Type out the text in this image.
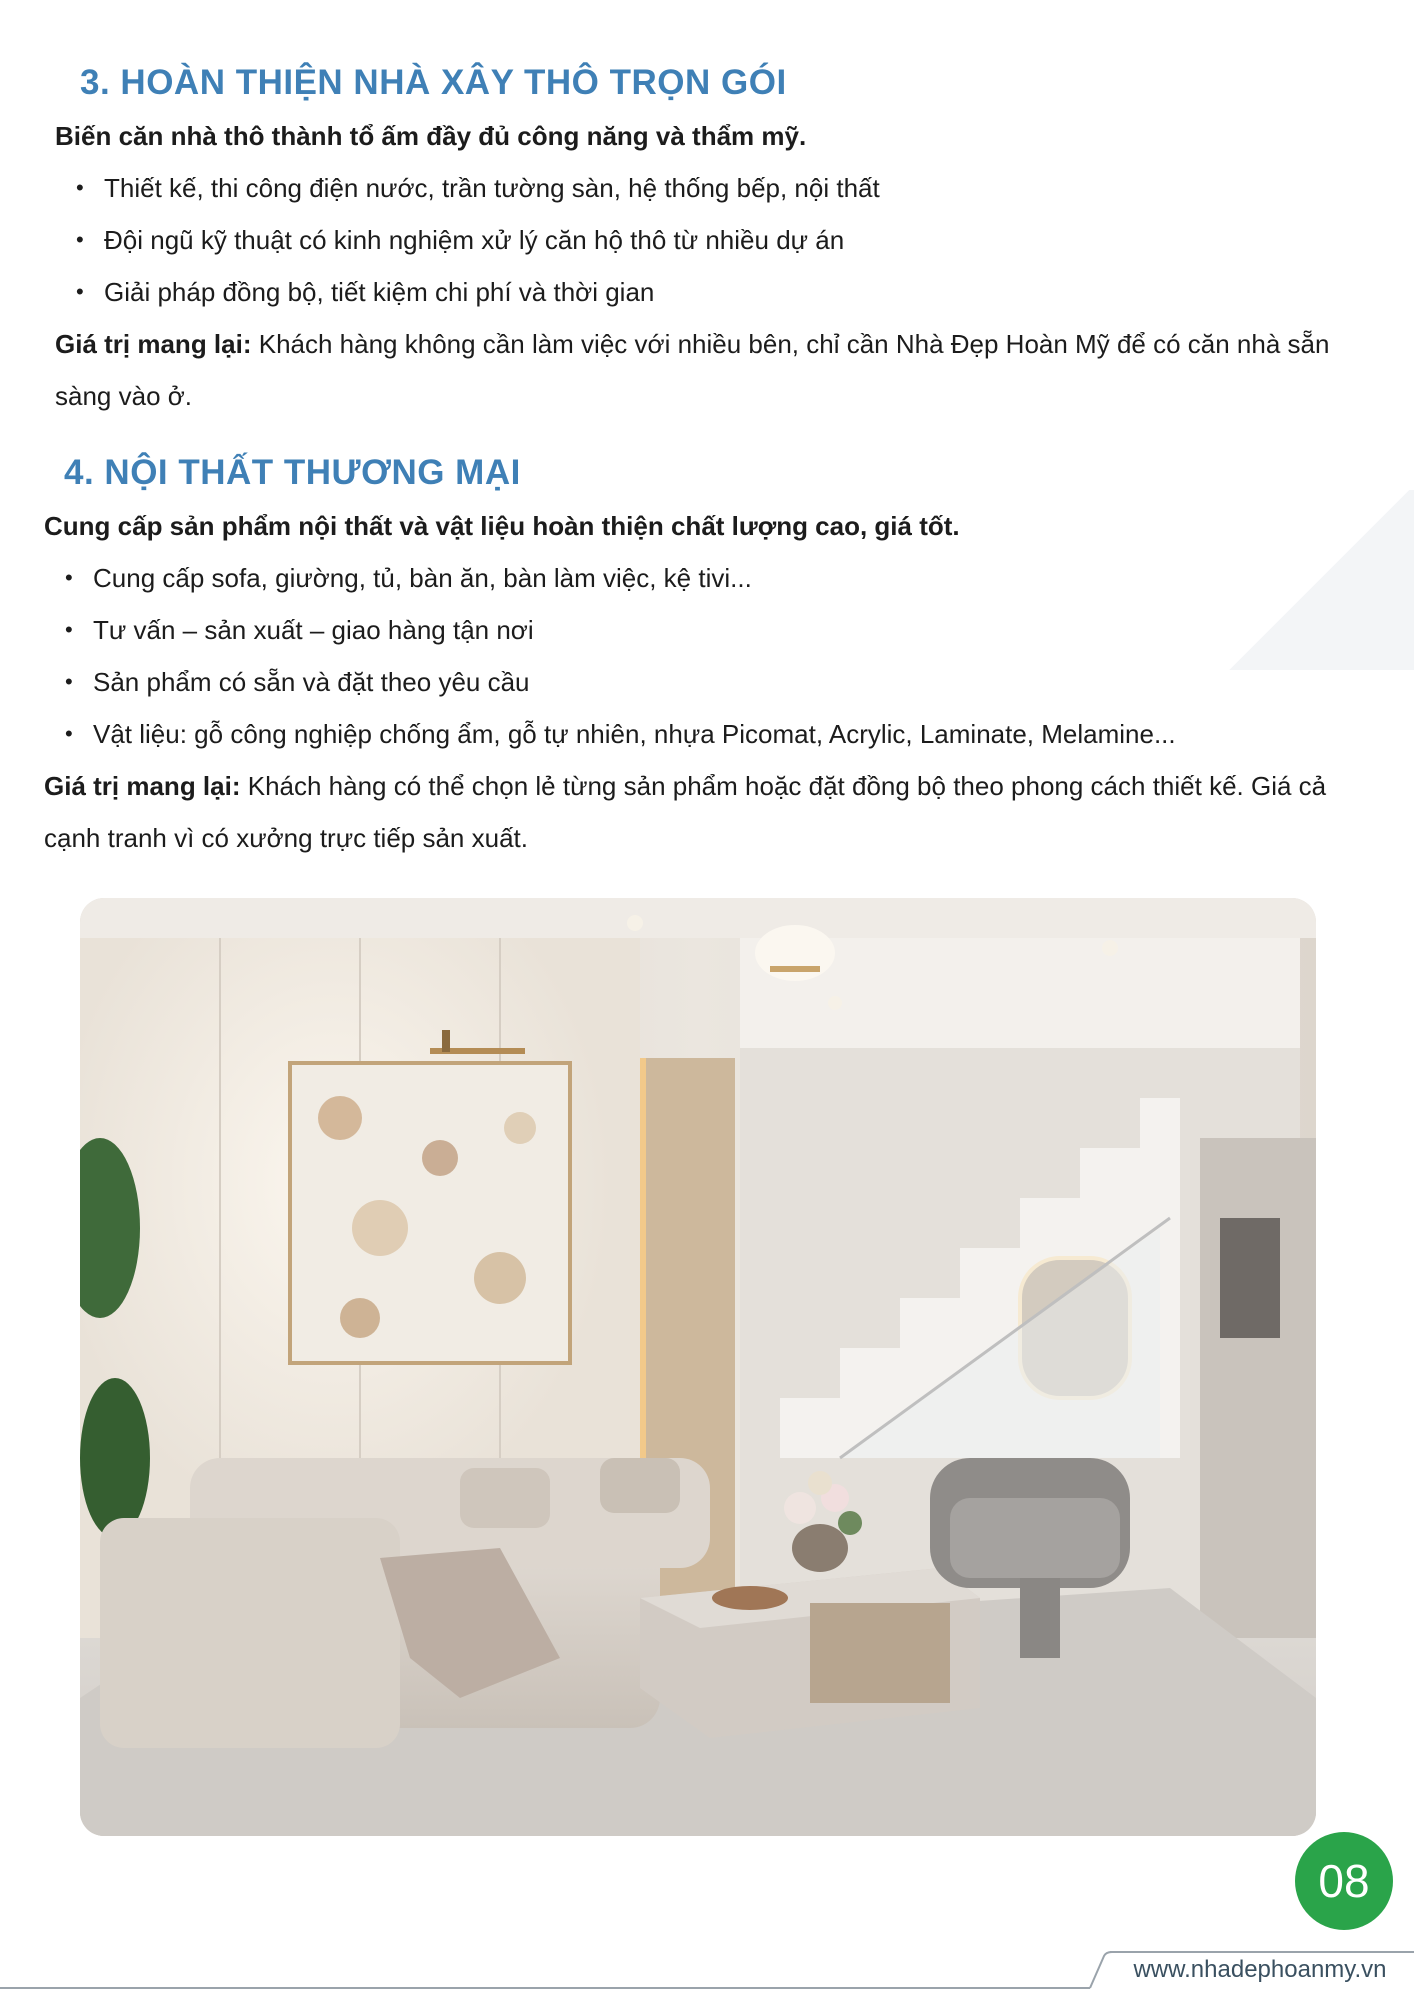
3. HOÀN THIỆN NHÀ XÂY THÔ TRỌN GÓI

Biến căn nhà thô thành tổ ấm đầy đủ công năng và thẩm mỹ.

• Thiết kế, thi công điện nước, trần tường sàn, hệ thống bếp, nội thất
• Đội ngũ kỹ thuật có kinh nghiệm xử lý căn hộ thô từ nhiều dự án
• Giải pháp đồng bộ, tiết kiệm chi phí và thời gian

Giá trị mang lại: Khách hàng không cần làm việc với nhiều bên, chỉ cần Nhà Đẹp Hoàn Mỹ để có căn nhà sẵn sàng vào ở.

4. NỘI THẤT THƯƠNG MẠI

Cung cấp sản phẩm nội thất và vật liệu hoàn thiện chất lượng cao, giá tốt.

• Cung cấp sofa, giường, tủ, bàn ăn, bàn làm việc, kệ tivi...
• Tư vấn – sản xuất – giao hàng tận nơi
• Sản phẩm có sẵn và đặt theo yêu cầu
• Vật liệu: gỗ công nghiệp chống ẩm, gỗ tự nhiên, nhựa Picomat, Acrylic, Laminate, Melamine...

Giá trị mang lại: Khách hàng có thể chọn lẻ từng sản phẩm hoặc đặt đồng bộ theo phong cách thiết kế. Giá cả cạnh tranh vì có xưởng trực tiếp sản xuất.

08
www.nhadephoanmy.vn
